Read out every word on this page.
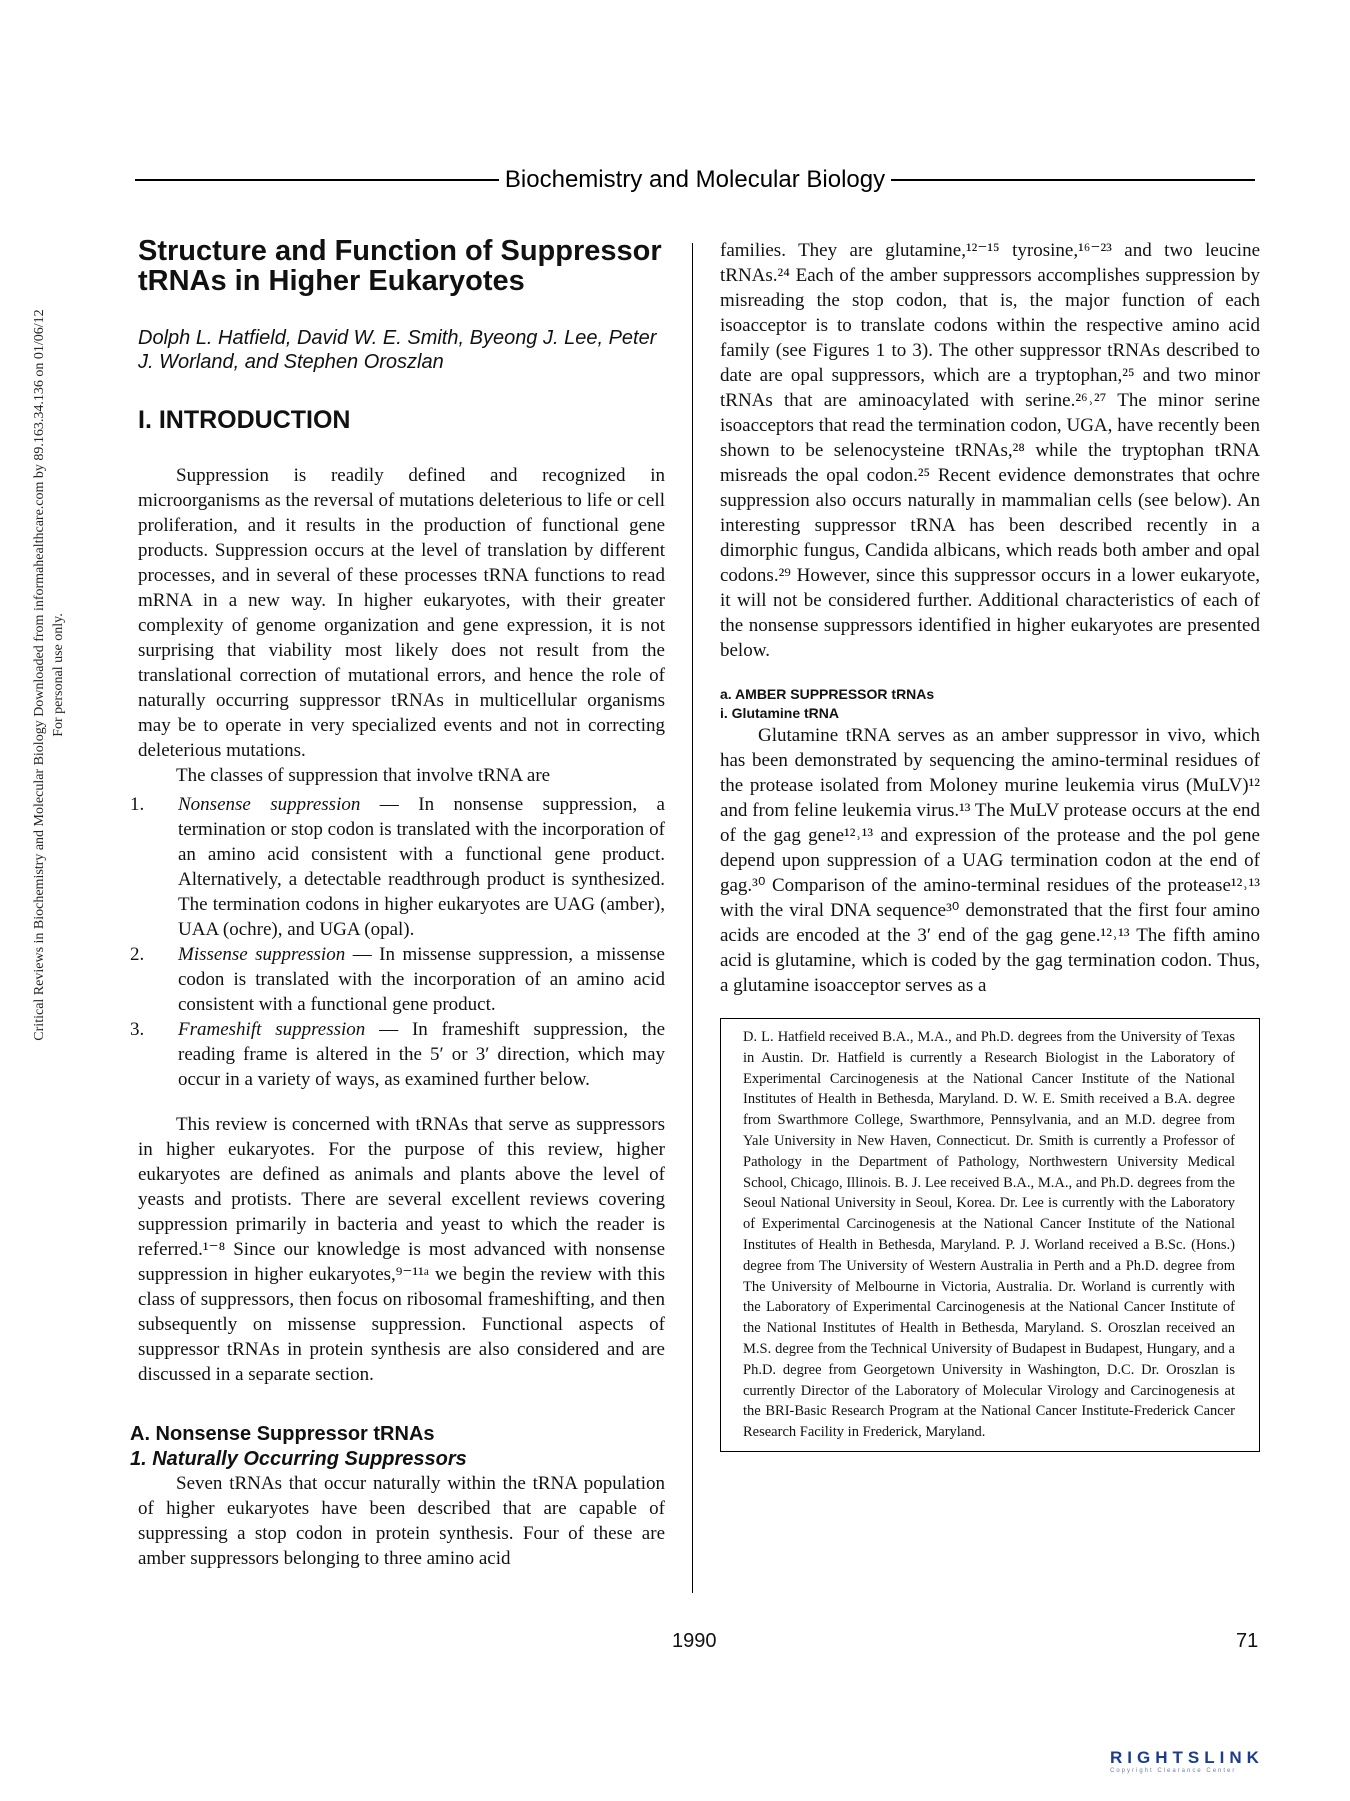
Critical Reviews in Biochemistry and Molecular Biology Downloaded from informahealthcare.com by 89.163.34.136 on 01/06/12 For personal use only.
Biochemistry and Molecular Biology
Structure and Function of Suppressor tRNAs in Higher Eukaryotes
Dolph L. Hatfield, David W. E. Smith, Byeong J. Lee, Peter J. Worland, and Stephen Oroszlan
I. INTRODUCTION

Suppression is readily defined and recognized in microorganisms as the reversal of mutations deleterious to life or cell proliferation, and it results in the production of functional gene products. Suppression occurs at the level of translation by different processes, and in several of these processes tRNA functions to read mRNA in a new way. In higher eukaryotes, with their greater complexity of genome organization and gene expression, it is not surprising that viability most likely does not result from the translational correction of mutational errors, and hence the role of naturally occurring suppressor tRNAs in multicellular organisms may be to operate in very specialized events and not in correcting deleterious mutations.

The classes of suppression that involve tRNA are

1. Nonsense suppression — In nonsense suppression, a termination or stop codon is translated with the incorporation of an amino acid consistent with a functional gene product. Alternatively, a detectable readthrough product is synthesized. The termination codons in higher eukaryotes are UAG (amber), UAA (ochre), and UGA (opal).
2. Missense suppression — In missense suppression, a missense codon is translated with the incorporation of an amino acid consistent with a functional gene product.
3. Frameshift suppression — In frameshift suppression, the reading frame is altered in the 5′ or 3′ direction, which may occur in a variety of ways, as examined further below.

This review is concerned with tRNAs that serve as suppressors in higher eukaryotes. For the purpose of this review, higher eukaryotes are defined as animals and plants above the level of yeasts and protists. There are several excellent reviews covering suppression primarily in bacteria and yeast to which the reader is referred.¹⁻⁸ Since our knowledge is most advanced with nonsense suppression in higher eukaryotes,⁹⁻¹¹ᵃ we begin the review with this class of suppressors, then focus on ribosomal frameshifting, and then subsequently on missense suppression. Functional aspects of suppressor tRNAs in protein synthesis are also considered and are discussed in a separate section.

A. Nonsense Suppressor tRNAs
1. Naturally Occurring Suppressors

Seven tRNAs that occur naturally within the tRNA population of higher eukaryotes have been described that are capable of suppressing a stop codon in protein synthesis. Four of these are amber suppressors belonging to three amino acid

families. They are glutamine,¹²⁻¹⁵ tyrosine,¹⁶⁻²³ and two leucine tRNAs.²⁴ Each of the amber suppressors accomplishes suppression by misreading the stop codon, that is, the major function of each isoacceptor is to translate codons within the respective amino acid family (see Figures 1 to 3). The other suppressor tRNAs described to date are opal suppressors, which are a tryptophan,²⁵ and two minor tRNAs that are aminoacylated with serine.²⁶˒²⁷ The minor serine isoacceptors that read the termination codon, UGA, have recently been shown to be selenocysteine tRNAs,²⁸ while the tryptophan tRNA misreads the opal codon.²⁵ Recent evidence demonstrates that ochre suppression also occurs naturally in mammalian cells (see below). An interesting suppressor tRNA has been described recently in a dimorphic fungus, Candida albicans, which reads both amber and opal codons.²⁹ However, since this suppressor occurs in a lower eukaryote, it will not be considered further. Additional characteristics of each of the nonsense suppressors identified in higher eukaryotes are presented below.

a. AMBER SUPPRESSOR tRNAs
i. Glutamine tRNA

Glutamine tRNA serves as an amber suppressor in vivo, which has been demonstrated by sequencing the amino-terminal residues of the protease isolated from Moloney murine leukemia virus (MuLV)¹² and from feline leukemia virus.¹³ The MuLV protease occurs at the end of the gag gene¹²˒¹³ and expression of the protease and the pol gene depend upon suppression of a UAG termination codon at the end of gag.³⁰ Comparison of the amino-terminal residues of the protease¹²˒¹³ with the viral DNA sequence³⁰ demonstrated that the first four amino acids are encoded at the 3′ end of the gag gene.¹²˒¹³ The fifth amino acid is glutamine, which is coded by the gag termination codon. Thus, a glutamine isoacceptor serves as a

D. L. Hatfield received B.A., M.A., and Ph.D. degrees from the University of Texas in Austin. Dr. Hatfield is currently a Research Biologist in the Laboratory of Experimental Carcinogenesis at the National Cancer Institute of the National Institutes of Health in Bethesda, Maryland. D. W. E. Smith received a B.A. degree from Swarthmore College, Swarthmore, Pennsylvania, and an M.D. degree from Yale University in New Haven, Connecticut. Dr. Smith is currently a Professor of Pathology in the Department of Pathology, Northwestern University Medical School, Chicago, Illinois. B. J. Lee received B.A., M.A., and Ph.D. degrees from the Seoul National University in Seoul, Korea. Dr. Lee is currently with the Laboratory of Experimental Carcinogenesis at the National Cancer Institute of the National Institutes of Health in Bethesda, Maryland. P. J. Worland received a B.Sc. (Hons.) degree from The University of Western Australia in Perth and a Ph.D. degree from The University of Melbourne in Victoria, Australia. Dr. Worland is currently with the Laboratory of Experimental Carcinogenesis at the National Cancer Institute of the National Institutes of Health in Bethesda, Maryland. S. Oroszlan received an M.S. degree from the Technical University of Budapest in Budapest, Hungary, and a Ph.D. degree from Georgetown University in Washington, D.C. Dr. Oroszlan is currently Director of the Laboratory of Molecular Virology and Carcinogenesis at the BRI-Basic Research Program at the National Cancer Institute-Frederick Cancer Research Facility in Frederick, Maryland.
1990	71
RIGHTSLINK
Copyright Clearance Center
